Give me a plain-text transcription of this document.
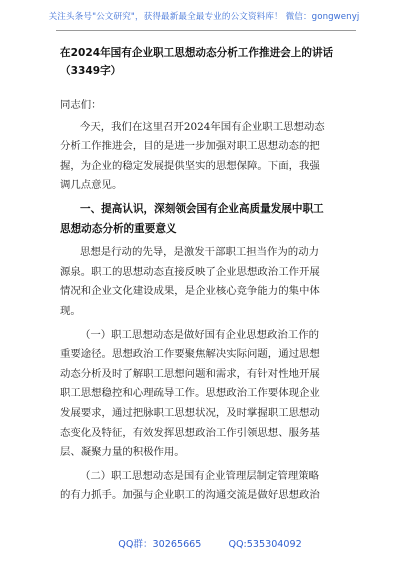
关注头条号"公文研究"，获得最新最全最专业的公文资料库！ 微信：gongwenyj
在2024年国有企业职工思想动态分析工作推进会上的讲话
（3349字）
同志们：
今天，我们在这里召开2024年国有企业职工思想动态
分析工作推进会，目的是进一步加强对职工思想动态的把
握，为企业的稳定发展提供坚实的思想保障。下面，我强
调几点意见。
一、提高认识，深刻领会国有企业高质量发展中职工
思想动态分析的重要意义
思想是行动的先导，是激发干部职工担当作为的动力
源泉。职工的思想动态直接反映了企业思想政治工作开展
情况和企业文化建设成果，是企业核心竞争能力的集中体
现。
（一）职工思想动态是做好国有企业思想政治工作的
重要途径。思想政治工作要聚焦解决实际问题，通过思想
动态分析及时了解职工思想问题和需求，有针对性地开展
职工思想稳控和心理疏导工作。思想政治工作要体现企业
发展要求，通过把脉职工思想状况，及时掌握职工思想动
态变化及特征，有效发挥思想政治工作引领思想、服务基
层、凝聚力量的积极作用。
（二）职工思想动态是国有企业管理层制定管理策略
的有力抓手。加强与企业职工的沟通交流是做好思想政治
QQ群：30265665	QQ:535304092
